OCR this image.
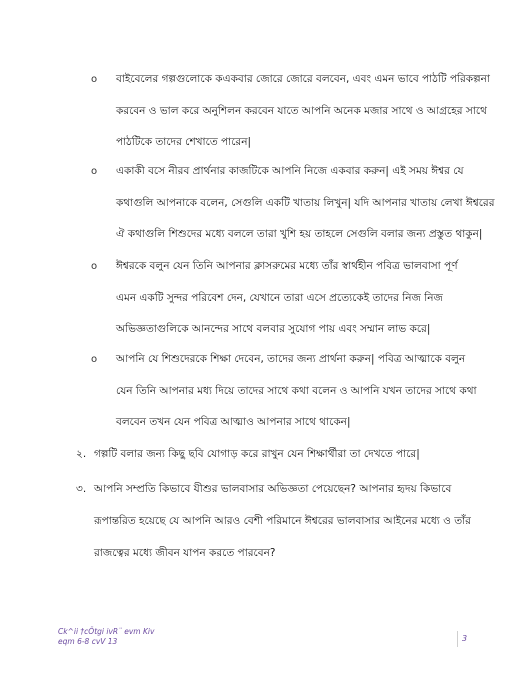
o বাইবেলের গল্পগুলোকে কএকবার জোরে জোরে বলবেন, এবং এমন ভাবে পাঠটি পরিকল্পনা
করবেন ও ভাল করে অনুশিলন করবেন যাতে আপনি অনেক মজার সাথে ও আগ্রহের সাথে
পাঠটিকে তাদের শেখাতে পারেন|
o একাকী বসে নীরব প্রার্থনার কাজটিকে আপনি নিজে একবার করুন| এই সময় ঈশ্বর যে
কথাগুলি আপনাকে বলেন, সেগুলি একটি খাতায় লিখুন| যদি আপনার খাতায় লেখা ঈশ্বরের
ঐ কথাগুলি শিশুদের মধ্যে বললে তারা খুশি হয় তাহলে সেগুলি বলার জন্য প্রস্তুত থাকুন|
o ঈশ্বরকে বলুন যেন তিনি আপনার ক্লাসরুমের মধ্যে তাঁর স্বার্থহীন পবিত্র ভালবাসা পূর্ণ
এমন একটি সুন্দর পরিবেশ দেন, যেখানে তারা এসে প্রত্যেকেই তাদের নিজ নিজ
অভিজ্ঞতাগুলিকে আনন্দের সাথে বলবার সুযোগ পায় এবং সম্মান লাভ করে|
o আপনি যে শিশুদেরকে শিক্ষা দেবেন, তাদের জন্য প্রার্থনা করুন| পবিত্র আত্মাকে বলুন
যেন তিনি আপনার মধ্য দিয়ে তাদের সাথে কথা বলেন ও আপনি যখন তাদের সাথে কথা
বলবেন তখন যেন পবিত্র আত্মাও আপনার সাথে থাকেন|
২. গল্পটি বলার জন্য কিছু ছবি যোগাড় করে রাখুন যেন শিক্ষার্থীরা তা দেখতে পারে|
৩. আপনি সম্প্রতি কিভাবে যীশুর ভালবাসার অভিজ্ঞতা পেয়েছেন? আপনার হৃদয় কিভাবে
রূপান্তরিত হয়েছে যে আপনি আরও বেশী পরিমানে ঈশ্বরের ভালবাসার আইনের মধ্যে ও তাঁর
রাজত্বের মধ্যে জীবন যাপন করতে পারবেন?
Ck^ii †cÖtgi ivR¨ evm Kiv
eqm 6-8 cvV 13	3
